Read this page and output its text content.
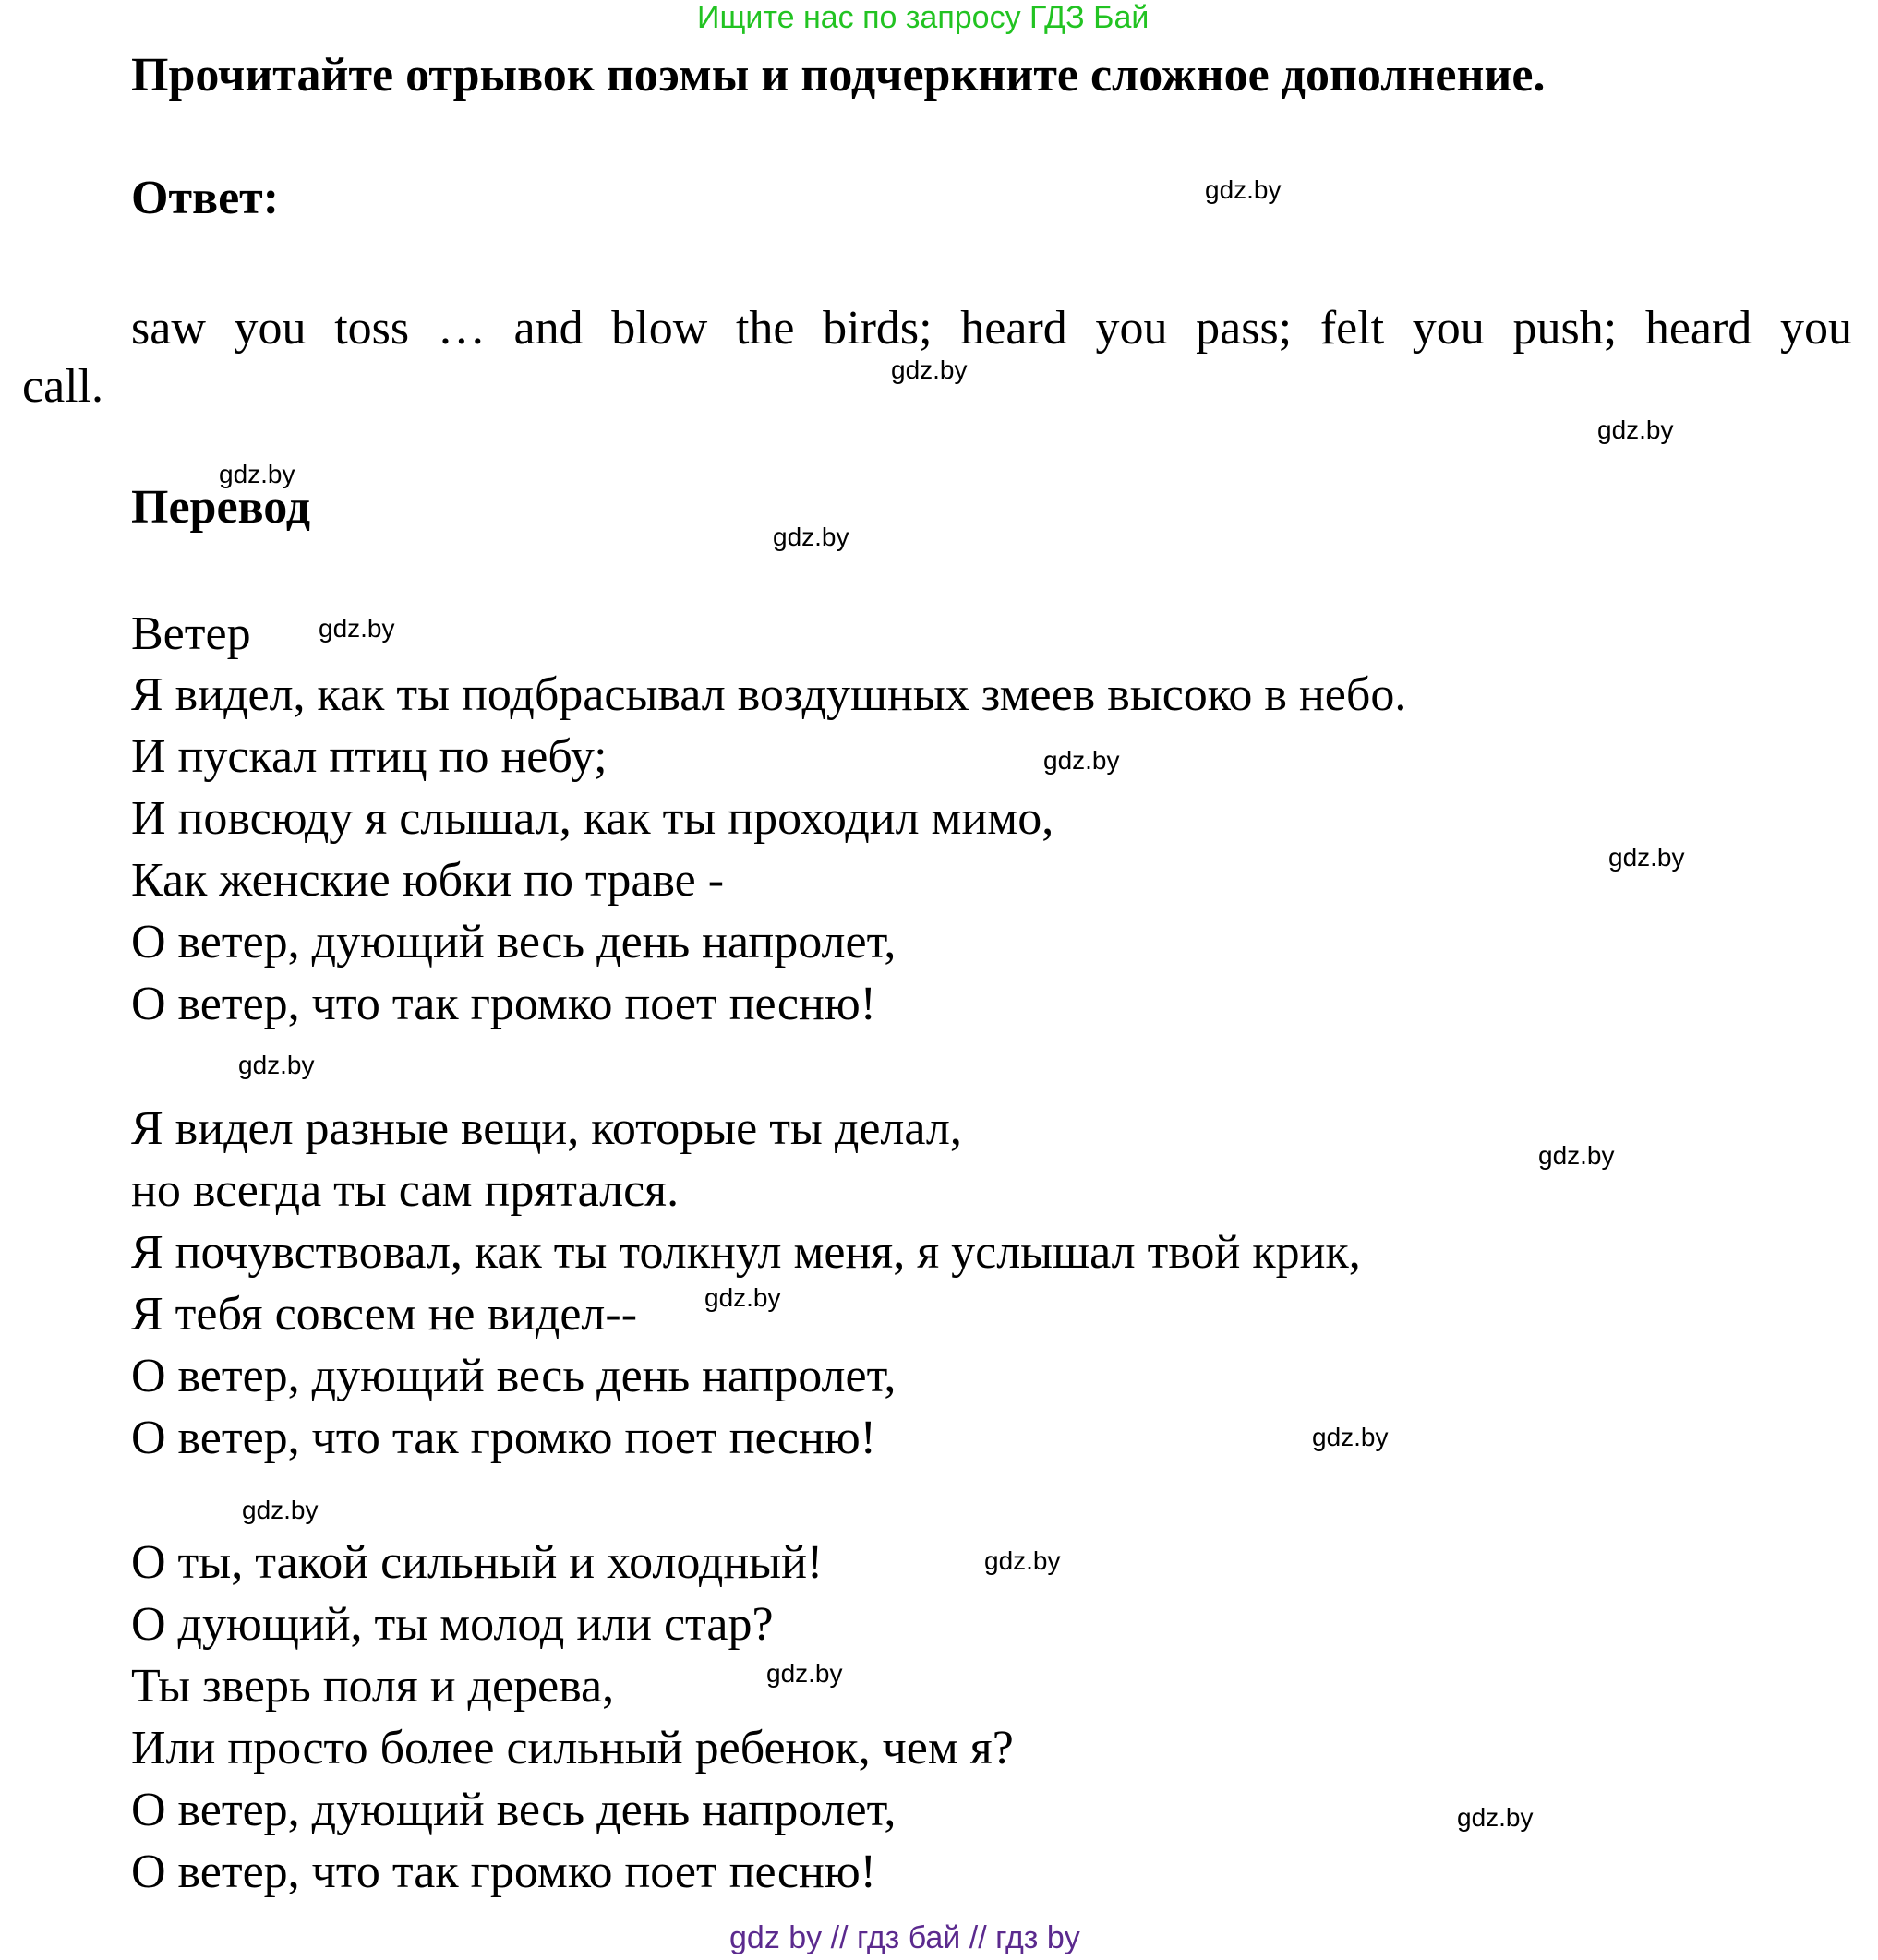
Ищите нас по запросу ГДЗ Бай
Прочитайте отрывок поэмы и подчеркните сложное дополнение.
Ответ:
saw you toss … and blow the birds; heard you pass; felt you push; heard you
call.
Перевод
Ветер
Я видел, как ты подбрасывал воздушных змеев высоко в небо.
И пускал птиц по небу;
И повсюду я слышал, как ты проходил мимо,
Как женские юбки по траве -
О ветер, дующий весь день напролет,
О ветер, что так громко поет песню!
Я видел разные вещи, которые ты делал,
но всегда ты сам прятался.
Я почувствовал, как ты толкнул меня, я услышал твой крик,
Я тебя совсем не видел--
О ветер, дующий весь день напролет,
О ветер, что так громко поет песню!
О ты, такой сильный и холодный!
О дующий, ты молод или стар?
Ты зверь поля и дерева,
Или просто более сильный ребенок, чем я?
О ветер, дующий весь день напролет,
О ветер, что так громко поет песню!
gdz.by
gdz.by
gdz.by
gdz.by
gdz.by
gdz.by
gdz.by
gdz.by
gdz.by
gdz.by
gdz.by
gdz.by
gdz.by
gdz.by
gdz.by
gdz.by
gdz by // гдз бай // гдз by
